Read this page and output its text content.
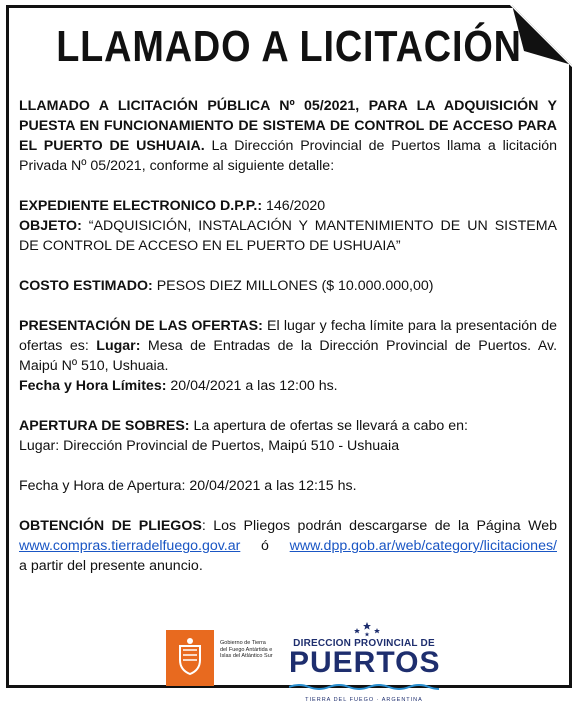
LLAMADO A LICITACIÓN

LLAMADO A LICITACIÓN PÚBLICA Nº 05/2021, PARA LA ADQUISICIÓN Y PUESTA EN FUNCIONAMIENTO DE SISTEMA DE CONTROL DE ACCESO PARA EL PUERTO DE USHUAIA. La Dirección Provincial de Puertos llama a licitación Privada Nº 05/2021, conforme al siguiente detalle:

EXPEDIENTE ELECTRONICO D.P.P.: 146/2020

OBJETO: “ADQUISICIÓN, INSTALACIÓN Y MANTENIMIENTO DE UN SISTEMA DE CONTROL DE ACCESO EN EL PUERTO DE USHUAIA”

COSTO ESTIMADO: PESOS DIEZ MILLONES ($ 10.000.000,00)

PRESENTACIÓN DE LAS OFERTAS: El lugar y fecha límite para la presentación de ofertas es: Lugar: Mesa de Entradas de la Dirección Provincial de Puertos. Av. Maipú Nº 510, Ushuaia.

Fecha y Hora Límites: 20/04/2021 a las 12:00 hs.

APERTURA DE SOBRES: La apertura de ofertas se llevará a cabo en:

Lugar: Dirección Provincial de Puertos, Maipú 510 - Ushuaia

Fecha y Hora de Apertura: 20/04/2021 a las 12:15 hs.

OBTENCIÓN DE PLIEGOS: Los Pliegos podrán descargarse de la Página Web www.compras.tierradelfuego.gov.ar   ó   www.dpp.gob.ar/web/category/licitaciones/   a partir del presente anuncio.

Gobierno de Tierra del Fuego Antártida e Islas del Atlántico Sur
DIRECCION PROVINCIAL DE
PUERTOS
TIERRA DEL FUEGO · ARGENTINA
